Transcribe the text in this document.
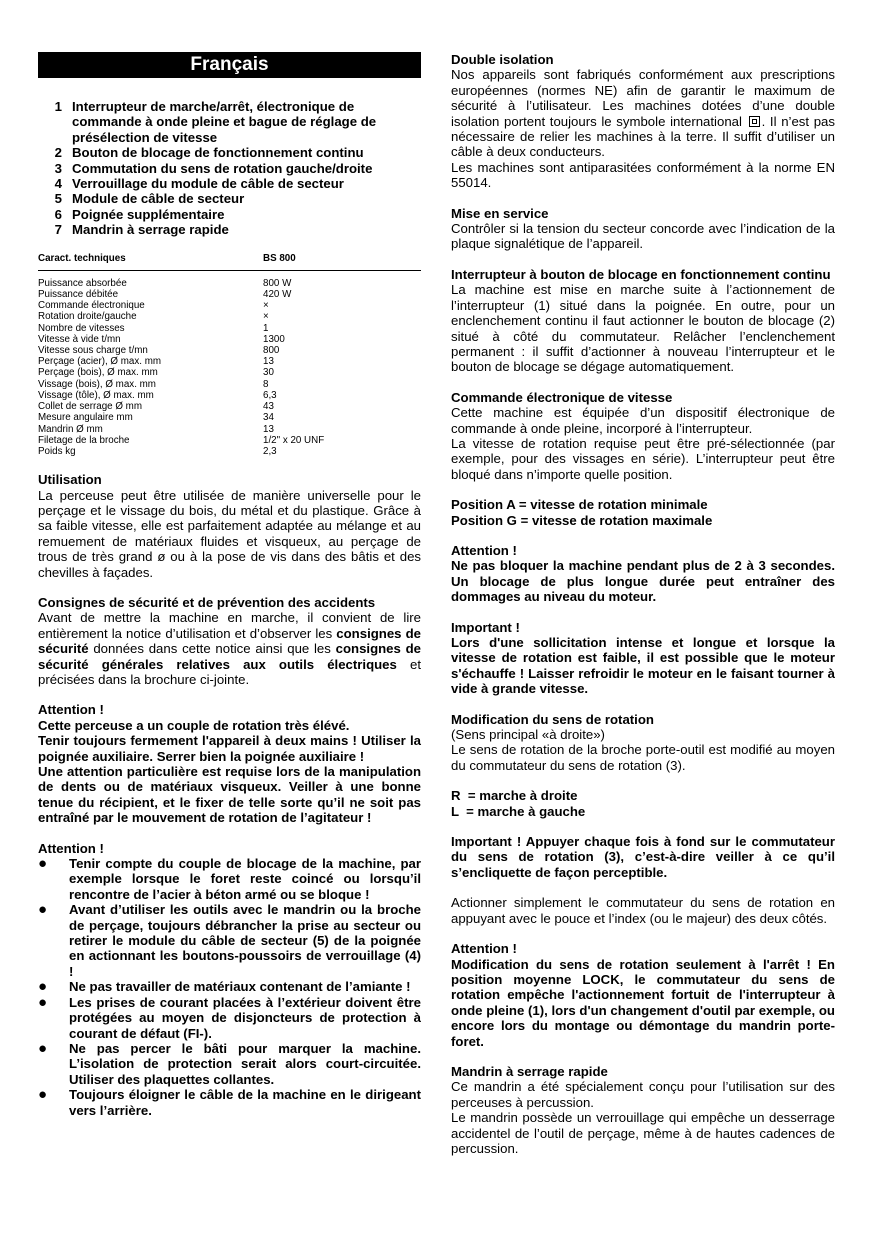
Français
1 Interrupteur de marche/arrêt, électronique de commande à onde pleine et bague de réglage de présélection de vitesse
2 Bouton de blocage de fonctionnement continu
3 Commutation du sens de rotation gauche/droite
4 Verrouillage du module de câble de secteur
5 Module de câble de secteur
6 Poignée supplémentaire
7 Mandrin à serrage rapide
Caract. techniques	BS 800
Puissance absorbée	800 W
Puissance débitée	420 W
Commande électronique	×
Rotation droite/gauche	×
Nombre de vitesses	1
Vitesse à vide t/mn	1300
Vitesse sous charge t/mn	800
Perçage (acier), Ø max. mm	13
Perçage (bois), Ø max. mm	30
Vissage (bois), Ø max. mm	8
Vissage (tôle), Ø max. mm	6,3
Collet de serrage Ø mm	43
Mesure angulaire mm	34
Mandrin Ø mm	13
Filetage de la broche	1/2" x 20 UNF
Poids kg	2,3
Utilisation
La perceuse peut être utilisée de manière universelle pour le perçage et le vissage du bois, du métal et du plastique. Grâce à sa faible vitesse, elle est parfaitement adaptée au mélange et au remuement de matériaux fluides et visqueux, au perçage de trous de très grand ø ou à la pose de vis dans des bâtis et des chevilles à façades.
Consignes de sécurité et de prévention des accidents
Avant de mettre la machine en marche, il convient de lire entièrement la notice d’utilisation et d’observer les consignes de sécurité données dans cette notice ainsi que les consignes de sécurité générales relatives aux outils électriques et précisées dans la brochure ci-jointe.
Attention !
Cette perceuse a un couple de rotation très élévé.
Tenir toujours fermement l'appareil à deux mains ! Utiliser la poignée auxiliaire. Serrer bien la poignée auxiliaire !
Une attention particulière est requise lors de la manipulation de dents ou de matériaux visqueux. Veiller à une bonne tenue du récipient, et le fixer de telle sorte qu’il ne soit pas entraîné par le mouvement de rotation de l’agitateur !
Attention !
●	Tenir compte du couple de blocage de la machine, par exemple lorsque le foret reste coincé ou lorsqu’il rencontre de l’acier à béton armé ou se bloque !
●	Avant d’utiliser les outils avec le mandrin ou la broche de perçage, toujours débrancher la prise au secteur ou retirer le module du câble de secteur (5) de la poignée en actionnant les boutons-poussoirs de verrouillage (4) !
●	Ne pas travailler de matériaux contenant de l’amiante !
●	Les prises de courant placées à l’extérieur doivent être protégées au moyen de disjoncteurs de protection à courant de défaut (FI-).
●	Ne pas percer le bâti pour marquer la machine. L’isolation de protection serait alors court-circuitée. Utiliser des plaquettes collantes.
●	Toujours éloigner le câble de la machine en le dirigeant vers l’arrière.
Double isolation
Nos appareils sont fabriqués conformément aux prescriptions européennes (normes NE) afin de garantir le maximum de sécurité à l’utilisateur. Les machines dotées d’une double isolation portent toujours le symbole international . Il n’est pas nécessaire de relier les machines à la terre. Il suffit d’utiliser un câble à deux conducteurs.
Les machines sont antiparasitées conformément à la norme EN 55014.
Mise en service
Contrôler si la tension du secteur concorde avec l’indication de la plaque signalétique de l’appareil.
Interrupteur à bouton de blocage en fonctionnement continu
La machine est mise en marche suite à l’actionnement de l’interrupteur (1) situé dans la poignée. En outre, pour un enclenchement continu il faut actionner le bouton de blocage (2) situé à côté du commutateur. Relâcher l’enclenchement permanent : il suffit d’actionner à nouveau l’interrupteur et le bouton de blocage se dégage automatiquement.
Commande électronique de vitesse
Cette machine est équipée d’un dispositif électronique de commande à onde pleine, incorporé à l’interrupteur.
La vitesse de rotation requise peut être pré-sélectionnée (par exemple, pour des vissages en série). L’interrupteur peut être bloqué dans n’importe quelle position.
Position A = vitesse de rotation minimale
Position G = vitesse de rotation maximale
Attention !
Ne pas bloquer la machine pendant plus de 2 à 3 secondes. Un blocage de plus longue durée peut entraîner des dommages au niveau du moteur.
Important !
Lors d'une sollicitation intense et longue et lorsque la vitesse de rotation est faible, il est possible que le moteur s'échauffe ! Laisser refroidir le moteur en le faisant tourner à vide à grande vitesse.
Modification du sens de rotation
(Sens principal «à droite»)
Le sens de rotation de la broche porte-outil est modifié au moyen du commutateur du sens de rotation (3).
R  = marche à droite
L  = marche à gauche
Important ! Appuyer chaque fois à fond sur le commutateur du sens de rotation (3), c’est-à-dire veiller à ce qu’il s’encliquette de façon perceptible.
Actionner simplement le commutateur du sens de rotation en appuyant avec le pouce et l’index (ou le majeur) des deux côtés.
Attention !
Modification du sens de rotation seulement à l'arrêt ! En position moyenne LOCK, le commutateur du sens de rotation empêche l'actionnement fortuit de l'interrupteur à onde pleine (1), lors d'un changement d'outil par exemple, ou encore lors du montage ou démontage du mandrin porte-foret.
Mandrin à serrage rapide
Ce mandrin a été spécialement conçu pour l’utilisation sur des perceuses à percussion.
Le mandrin possède un verrouillage qui empêche un desserrage accidentel de l’outil de perçage, même à de hautes cadences de percussion.
